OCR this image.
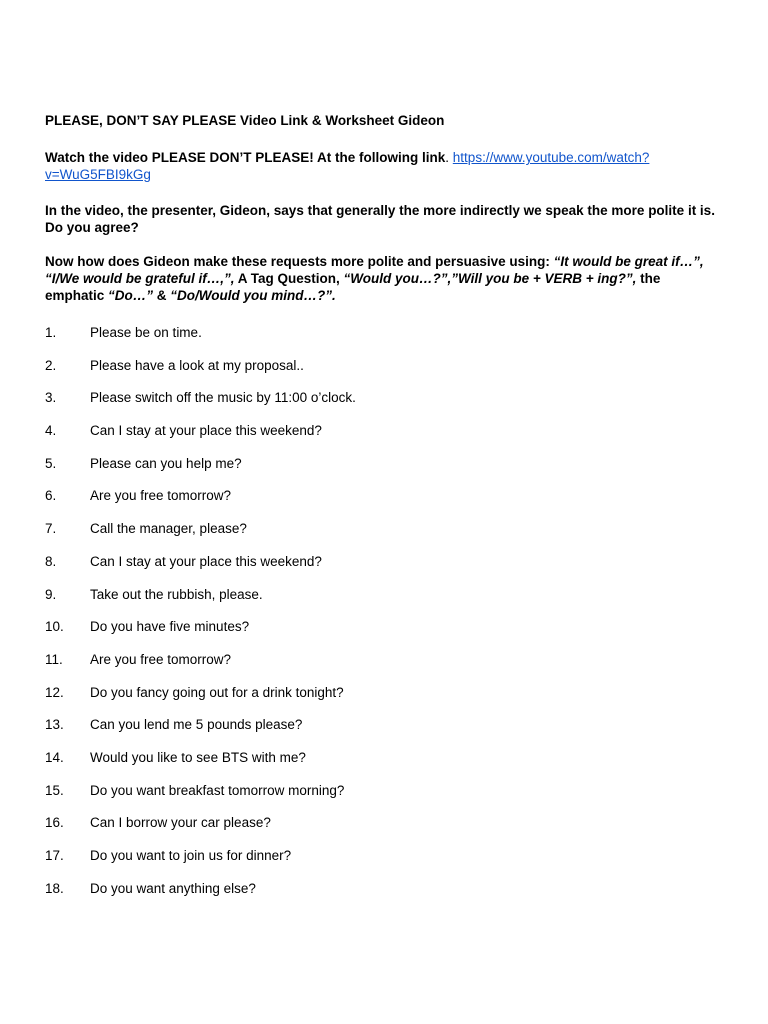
PLEASE, DON’T SAY PLEASE Video Link & Worksheet Gideon

Watch the video PLEASE DON’T PLEASE! At the following link. https://www.youtube.com/watch?
v=WuG5FBI9kGg

In the video, the presenter, Gideon, says that generally the more indirectly we speak the more polite it is. Do you agree?

Now how does Gideon make these requests more polite and persuasive using: “It would be great if…”,
“I/We would be grateful if…,”, A Tag Question, “Would you…?”,”Will you be + VERB + ing?”, the
emphatic “Do…” & “Do/Would you mind…?”.

1.	Please be on time.
2.	Please have a look at my proposal..
3.	Please switch off the music by 11:00 o’clock.
4.	Can I stay at your place this weekend?
5.	Please can you help me?
6.	Are you free tomorrow?
7.	Call the manager, please?
8.	Can I stay at your place this weekend?
9.	Take out the rubbish, please.
10.	Do you have five minutes?
11.	Are you free tomorrow?
12.	Do you fancy going out for a drink tonight?
13.	Can you lend me 5 pounds please?
14.	Would you like to see BTS with me?
15.	Do you want breakfast tomorrow morning?
16.	Can I borrow your car please?
17.	Do you want to join us for dinner?
18.	Do you want anything else?
